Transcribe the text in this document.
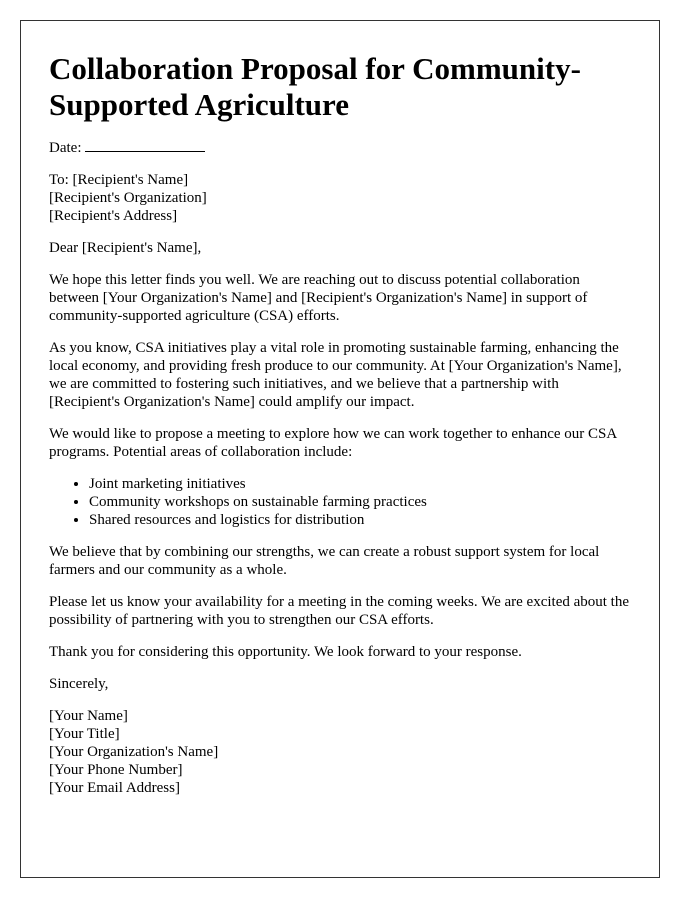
Collaboration Proposal for Community-Supported Agriculture

Date:

To: [Recipient's Name]
[Recipient's Organization]
[Recipient's Address]

Dear [Recipient's Name],

We hope this letter finds you well. We are reaching out to discuss potential collaboration between [Your Organization's Name] and [Recipient's Organization's Name] in support of community-supported agriculture (CSA) efforts.

As you know, CSA initiatives play a vital role in promoting sustainable farming, enhancing the local economy, and providing fresh produce to our community. At [Your Organization's Name], we are committed to fostering such initiatives, and we believe that a partnership with [Recipient's Organization's Name] could amplify our impact.

We would like to propose a meeting to explore how we can work together to enhance our CSA programs. Potential areas of collaboration include:

• Joint marketing initiatives
• Community workshops on sustainable farming practices
• Shared resources and logistics for distribution

We believe that by combining our strengths, we can create a robust support system for local farmers and our community as a whole.

Please let us know your availability for a meeting in the coming weeks. We are excited about the possibility of partnering with you to strengthen our CSA efforts.

Thank you for considering this opportunity. We look forward to your response.

Sincerely,

[Your Name]
[Your Title]
[Your Organization's Name]
[Your Phone Number]
[Your Email Address]
